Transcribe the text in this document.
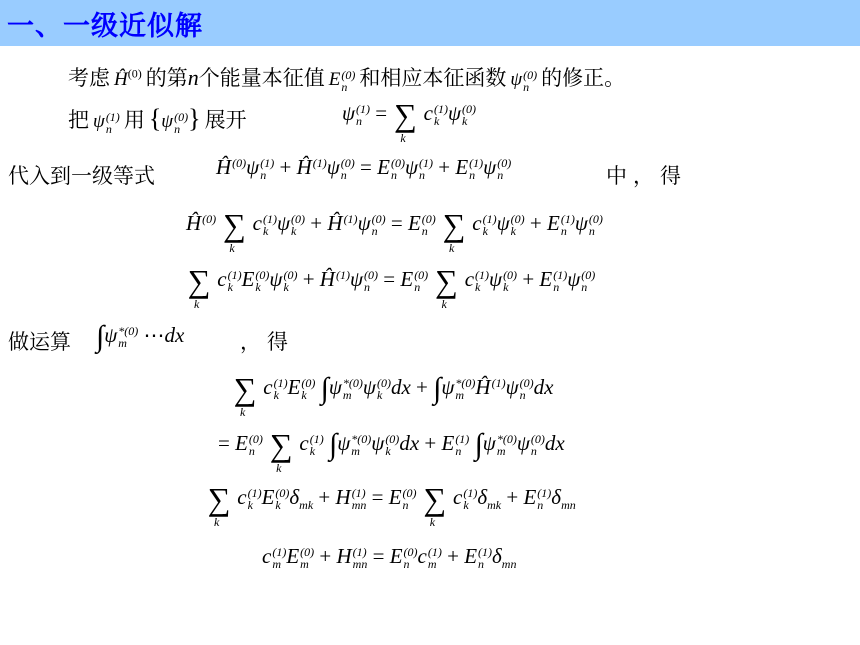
一、一级近似解
考虑 $Ĥ^{(0)}$ 的第n个能量本征值 E (0)
n 和相应本征函数 ψ (0)
n 的修正。
把 ψ (1)
n 用 {ψ (0)
n } 展开	ψ (1)
n = ∑
k
c (1)
k ψ (0)
k
代入到一级等式	Ĥ (0)
ψ (1)
n + Ĥ (1)
ψ (0)
n = E (0)
n ψ (1)
n + E (1)
n ψ (0)
n	中，得
Ĥ (0)
∑
k
c (1)
k ψ (0)
k + Ĥ (1)
ψ (0)
n = E (0)
n ∑
k
c (1)
k ψ (0)
k + E (1)
n ψ (0)
n
∑
k
c (1)
k E (0)
k ψ (0)
k + Ĥ (1)
ψ (0)
n = E (0)
n ∑
k
c (1)
k ψ (0)
k + E (1)
n ψ (0)
n
做运算 ∫ψ *(0)
m ⋯dx	，得
∑
k
c (1)
k E (0)
k ∫ψ *(0)
m ψ (0)
k dx + ∫ψ *(0)
m Ĥ (1)
ψ (0)
n dx
= E (0)
n ∑
k
c (1)
k ∫ψ *(0)
m ψ (0)
k dx + E (1)
n ∫ψ *(0)
m ψ (0)
n dx
∑
k
c (1)
k E (0)
k $\delta_{mk} + H$ (1)
mn = E (0)
n ∑
k
c (1)
k $\delta_{mk} + E$ (1)
n $\delta_{mn}$
c (1)
m E (0)
m + H (1)
mn = E (0)
n c (1)
m + E (1)
n $\delta_{mn}$
